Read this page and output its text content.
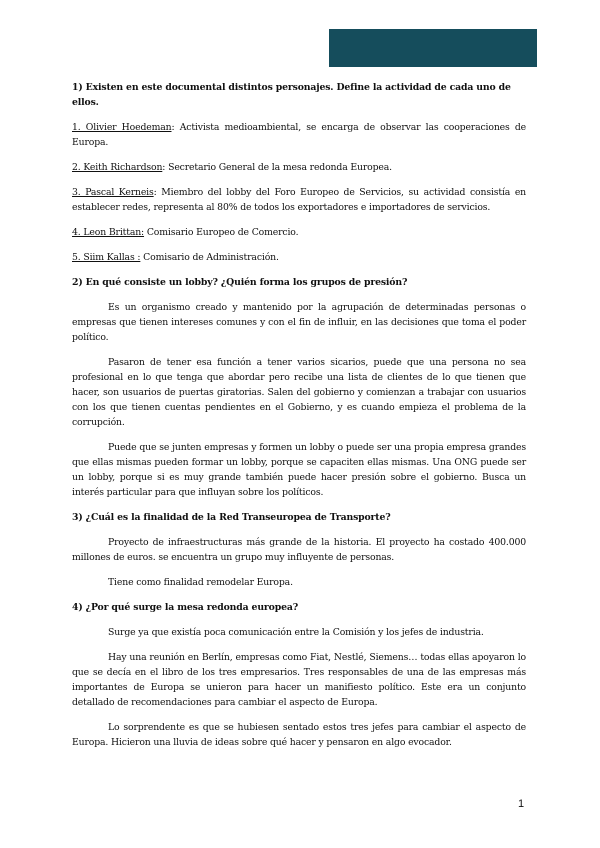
1) Existen en este documental distintos personajes. Define la actividad de cada uno de ellos.

1. Olivier Hoedeman: Activista medioambiental, se encarga de observar las cooperaciones de Europa.

2. Keith Richardson: Secretario General de la mesa redonda Europea.

3. Pascal Kerneis: Miembro del lobby del Foro Europeo de Servicios, su actividad consistía en establecer redes, representa al 80% de todos los exportadores e importadores de servicios.

4. Leon Brittan: Comisario Europeo de Comercio.

5. Siim Kallas : Comisario de Administración.

2) En qué consiste un lobby? ¿Quién forma los grupos de presión?

Es un organismo creado y mantenido por la agrupación de determinadas personas o empresas que tienen intereses comunes y con el fin de influir, en las decisiones que toma el poder político.

Pasaron de tener esa función a tener varios sicarios, puede que una persona no sea profesional en lo que tenga que abordar pero recibe una lista de clientes de lo que tienen que hacer, son usuarios de puertas giratorias. Salen del gobierno y comienzan a trabajar con usuarios con los que tienen cuentas pendientes en el Gobierno, y es cuando empieza el problema de la corrupción.

Puede que se junten empresas y formen un lobby o puede ser una propia empresa grandes que ellas mismas pueden formar un lobby, porque se capaciten ellas mismas. Una ONG puede ser un lobby, porque si es muy grande también puede hacer presión sobre el gobierno. Busca un interés particular para que influyan sobre los políticos.

3) ¿Cuál es la finalidad de la Red Transeuropea de Transporte?

Proyecto de infraestructuras más grande de la historia. El proyecto ha costado 400.000 millones de euros. se encuentra un grupo muy influyente de personas.

Tiene como finalidad remodelar Europa.

4) ¿Por qué surge la mesa redonda europea?

Surge ya que existía poca comunicación entre la Comisión y los jefes de industria.

Hay una reunión en Berlín, empresas como Fiat, Nestlé, Siemens… todas ellas apoyaron lo que se decía en el libro de los tres empresarios. Tres responsables de una de las empresas más importantes de Europa se unieron para hacer un manifiesto político. Este era un conjunto detallado de recomendaciones para cambiar el aspecto de Europa.

Lo sorprendente es que se hubiesen sentado estos tres jefes para cambiar el aspecto de Europa. Hicieron una lluvia de ideas sobre qué hacer y pensaron en algo evocador.

1
